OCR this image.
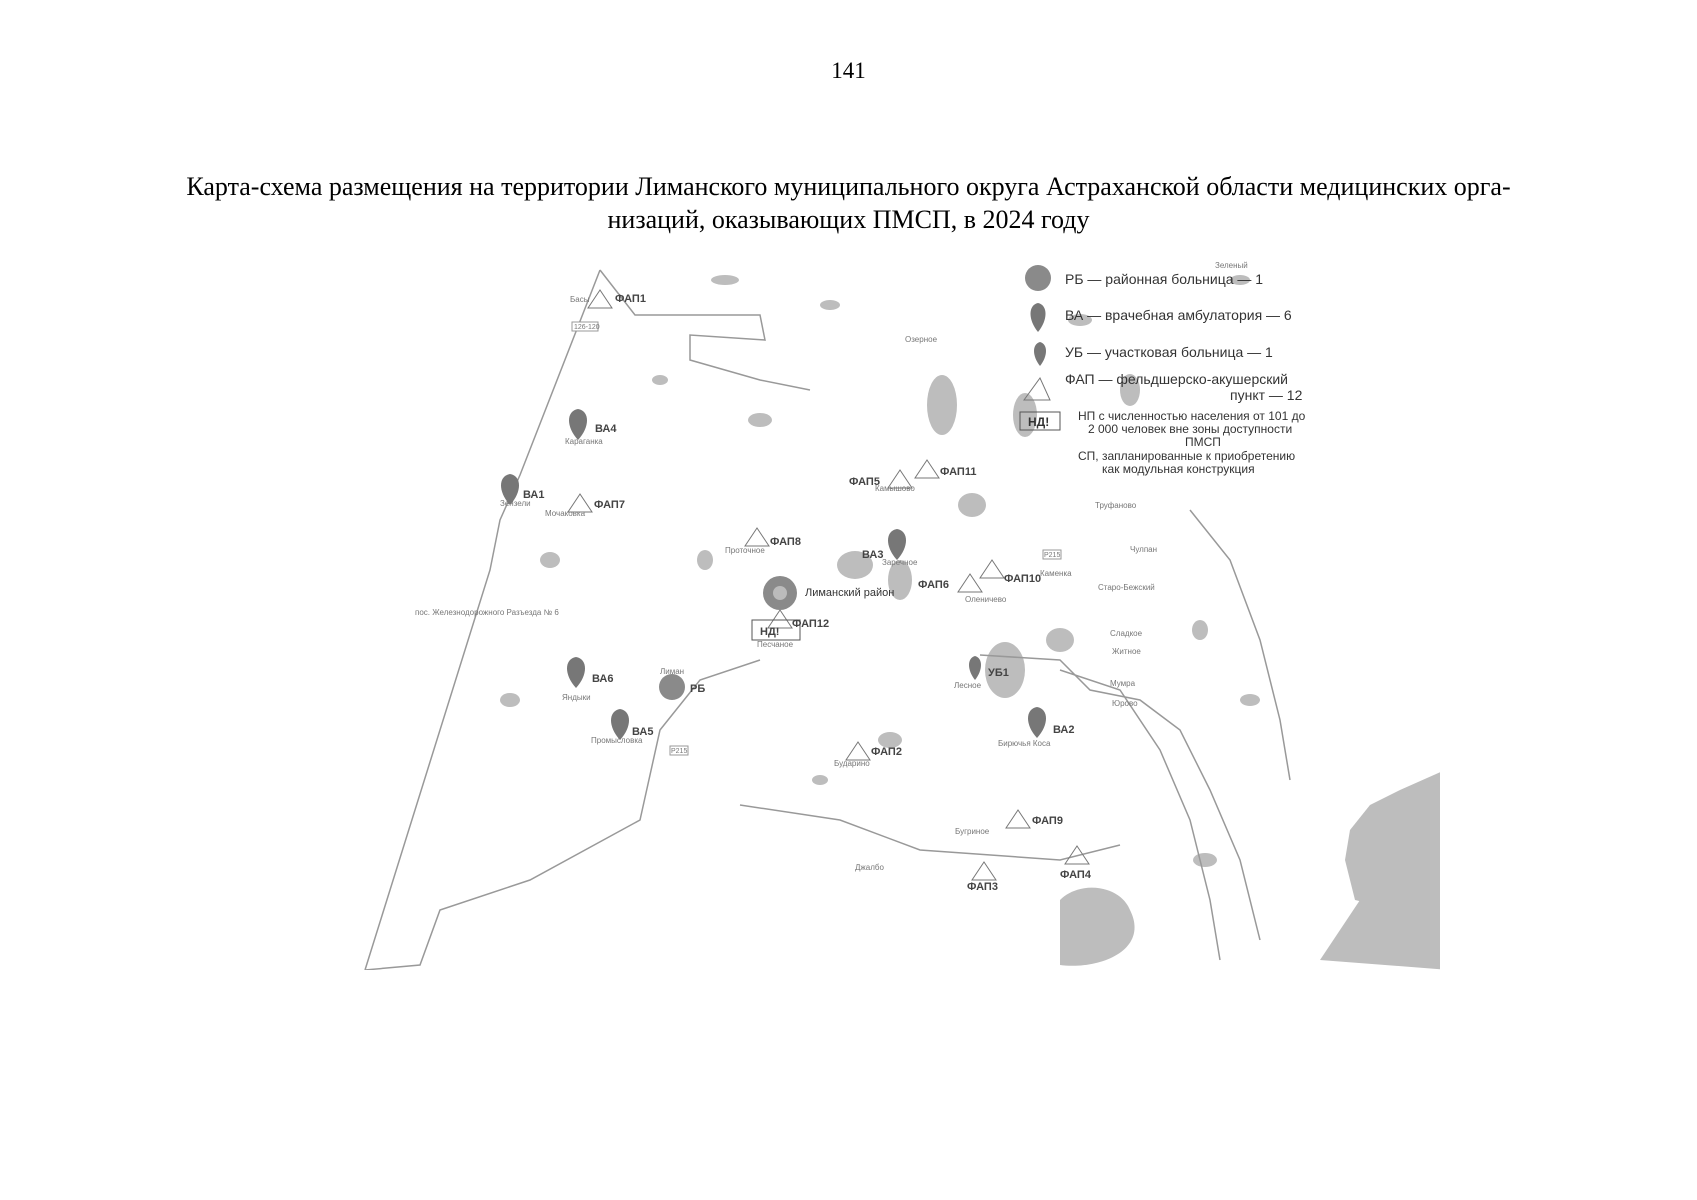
141
Карта-схема размещения на территории Лиманского муниципального округа Астраханской области медицинских орга-
низаций, оказывающих ПМСП, в 2024 году
РБ — районная больница — 1
ВА — врачебная амбулатория — 6
УБ — участковая больница — 1
ФАП — фельдшерско-акушерский
пункт — 12
НД! НП с численностью населения от 101 до
2 000 человек вне зоны доступности
ПМСП
СП, запланированные к приобретению
как модульная конструкция
ФАП1
ФАП7
ФАП8
ФАП5
ФАП11
ФАП6	ФАП10
ФАП12
ФАП2
ФАП9
ФАП3
ФАП4
ВА1
ВА4
ВА3
ВА6
ВА5	ВА2
УБ1
РБ
НД!
Лиманский район
Басы
Караганка
Зензели
Мочаковка
Проточное
Заречное
Камышово
Озерное
Труфаново
Чулпан
Каменка
Оленичево
Старо-Бежский
Сладкое
Житное
Мумра
Юрово
Песчаное
Лиман
Яндыки
Промысловка
Лесное
Бирючья Коса
Бударино
Бугриное
Джалбо
пос. Железнодорожного Разъезда № 6
Зеленый
126-120
Р215
Р215
